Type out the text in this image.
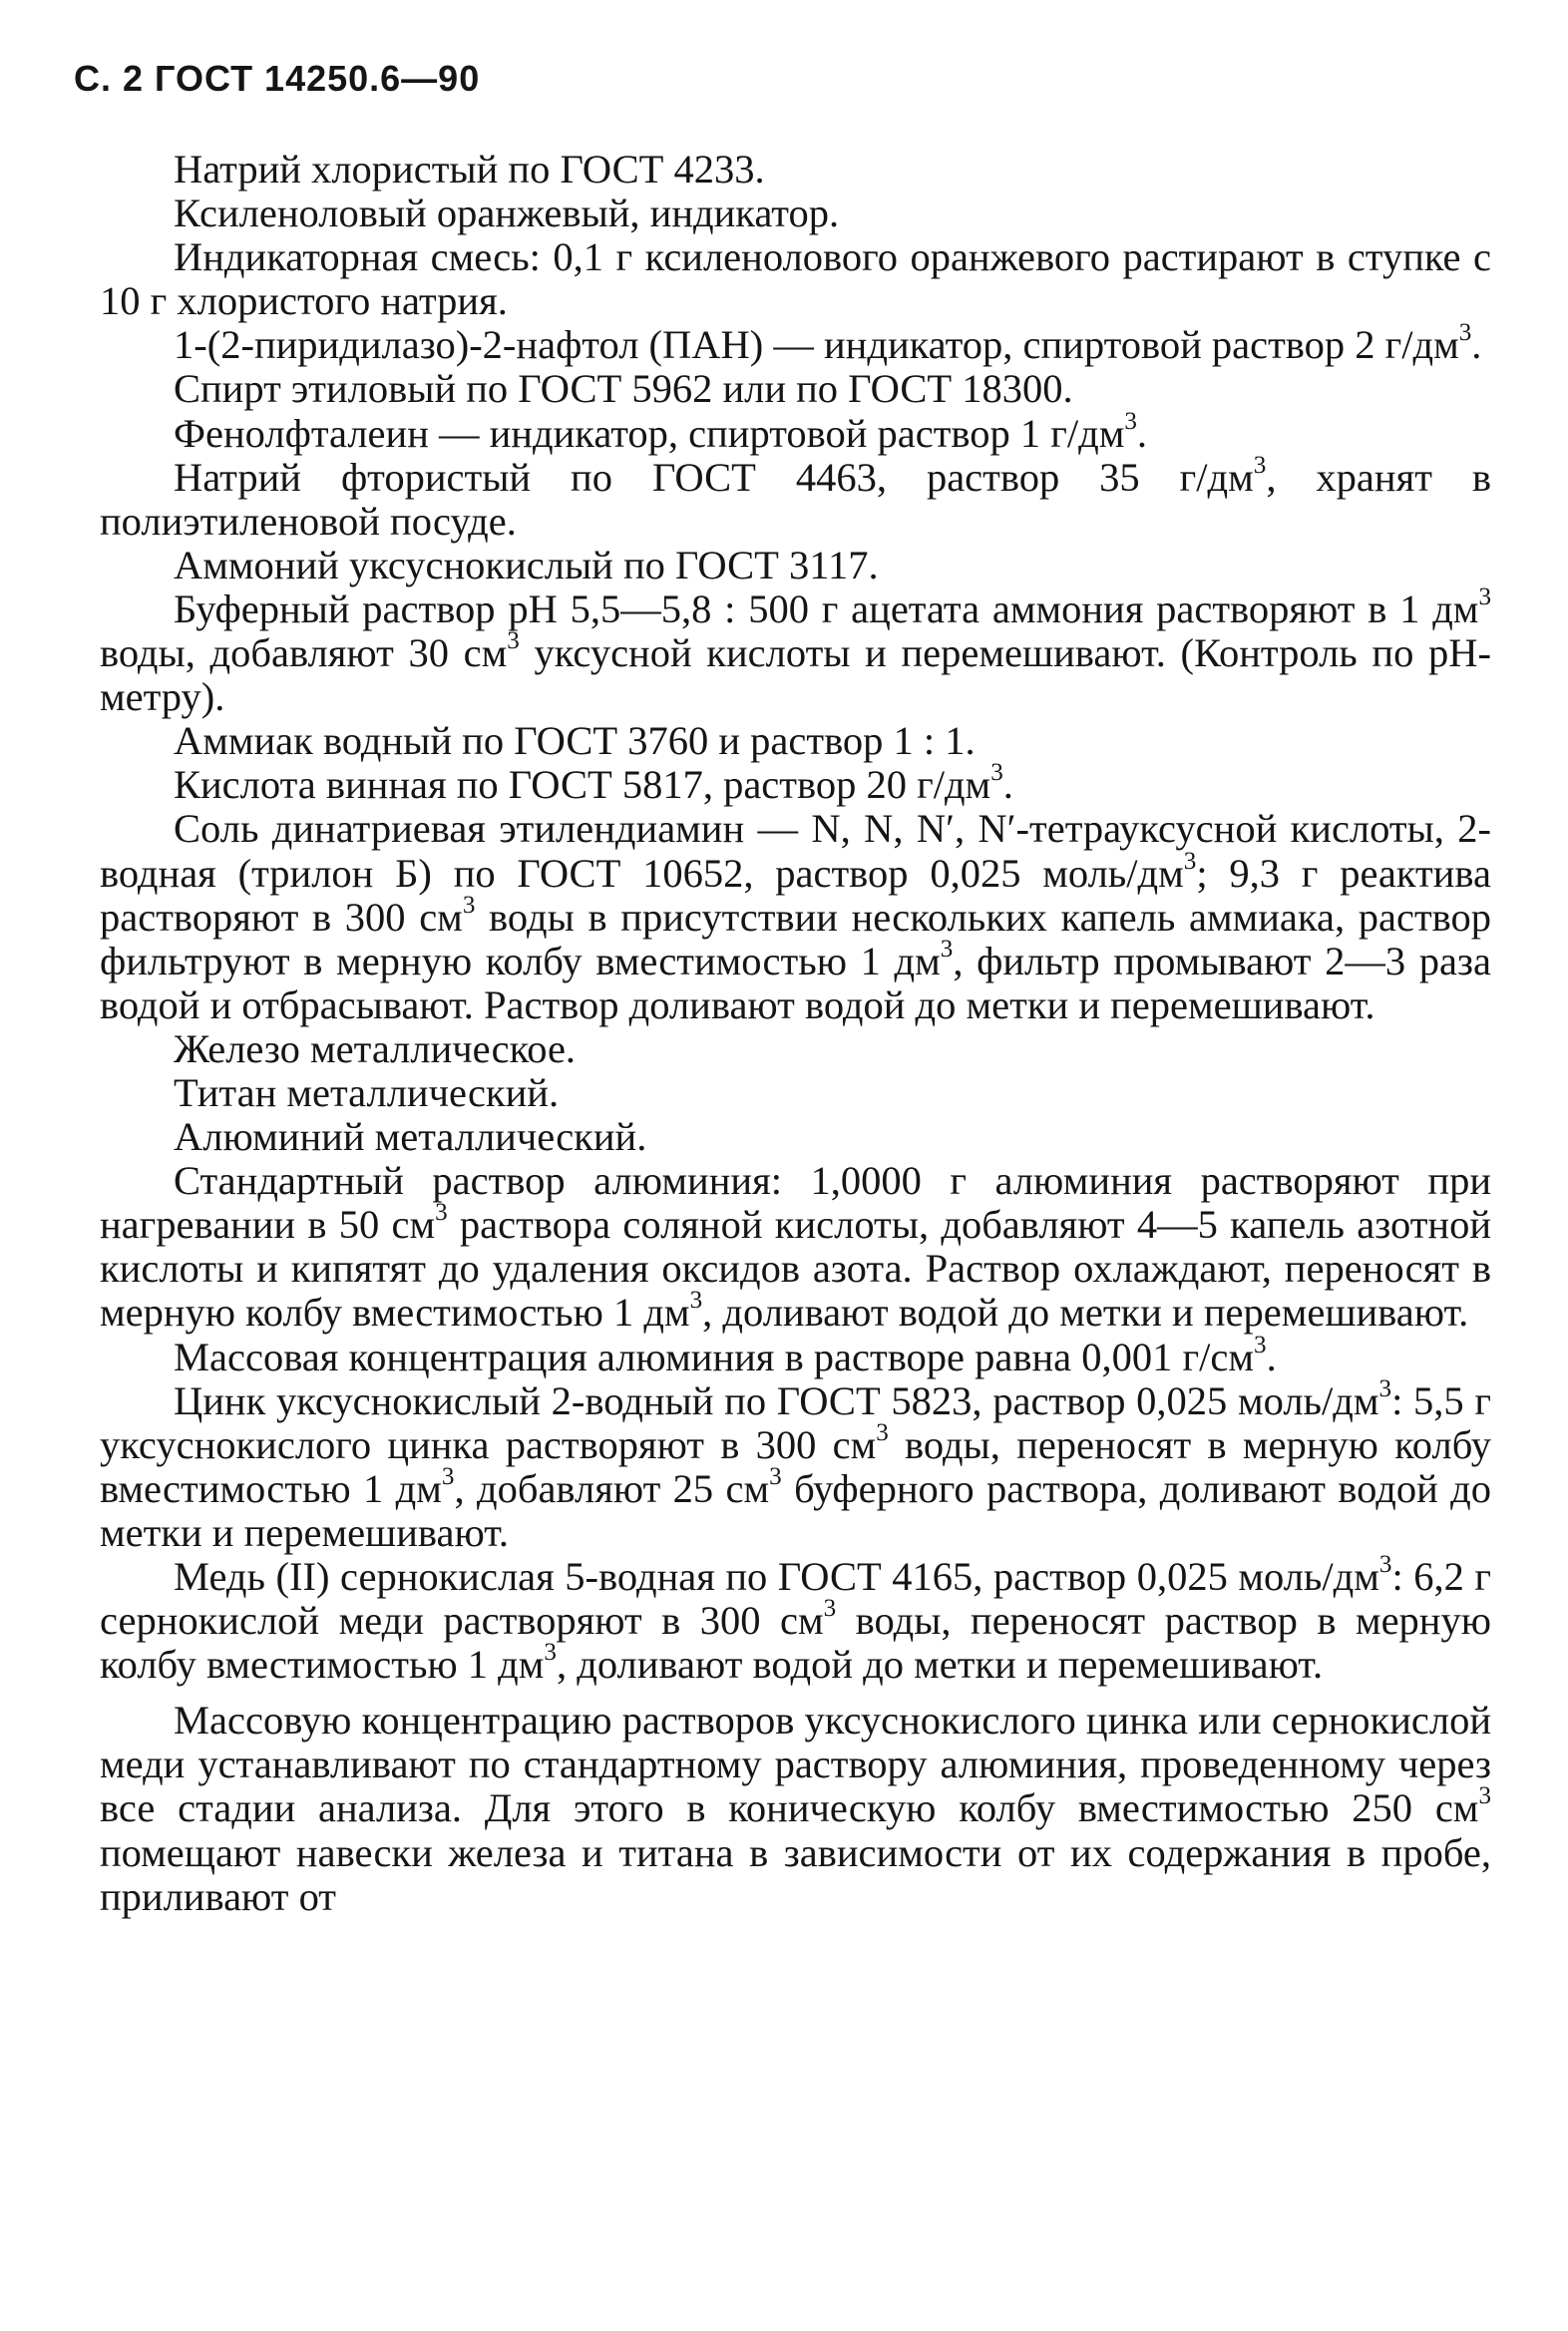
С. 2 ГОСТ 14250.6—90

Натрий хлористый по ГОСТ 4233.

Ксиленоловый оранжевый, индикатор.

Индикаторная смесь: 0,1 г ксиленолового оранжевого растирают в ступке с 10 г хлористого натрия.

1-(2-пиридилазо)-2-нафтол (ПАН) — индикатор, спиртовой раствор 2 $г/дм^3$.

Спирт этиловый по ГОСТ 5962 или по ГОСТ 18300.

Фенолфталеин — индикатор, спиртовой раствор 1 $г/дм^3$.

Натрий фтористый по ГОСТ 4463, раствор 35 $г/дм^3$, хранят в полиэтиленовой посуде.

Аммоний уксуснокислый по ГОСТ 3117.

Буферный раствор pH 5,5—5,8 : 500 г ацетата аммония растворяют в 1 $дм^3$ воды, добавляют 30 $см^3$ уксусной кислоты и перемешивают. (Контроль по pH-метру).

Аммиак водный по ГОСТ 3760 и раствор 1 : 1.

Кислота винная по ГОСТ 5817, раствор 20 $г/дм^3$.

Соль динатриевая этилендиамин — N, N, N′, N′-тетрауксусной кислоты, 2-водная (трилон Б) по ГОСТ 10652, раствор 0,025 моль/$дм^3$; 9,3 г реактива растворяют в 300 $см^3$ воды в присутствии нескольких капель аммиака, раствор фильтруют в мерную колбу вместимостью 1 $дм^3$, фильтр промывают 2—3 раза водой и отбрасывают. Раствор доливают водой до метки и перемешивают.

Железо металлическое.

Титан металлический.

Алюминий металлический.

Стандартный раствор алюминия: 1,0000 г алюминия растворяют при нагревании в 50 $см^3$ раствора соляной кислоты, добавляют 4—5 капель азотной кислоты и кипятят до удаления оксидов азота. Раствор охлаждают, переносят в мерную колбу вместимостью 1 $дм^3$, доливают водой до метки и перемешивают.

Массовая концентрация алюминия в растворе равна 0,001 $г/см^3$.

Цинк уксуснокислый 2-водный по ГОСТ 5823, раствор 0,025 моль/$дм^3$: 5,5 г уксуснокислого цинка растворяют в 300 $см^3$ воды, переносят в мерную колбу вместимостью 1 $дм^3$, добавляют 25 $см^3$ буферного раствора, доливают водой до метки и перемешивают.

Медь (II) сернокислая 5-водная по ГОСТ 4165, раствор 0,025 моль/$дм^3$: 6,2 г сернокислой меди растворяют в 300 $см^3$ воды, переносят раствор в мерную колбу вместимостью 1 $дм^3$, доливают водой до метки и перемешивают.

Массовую концентрацию растворов уксуснокислого цинка или сернокислой меди устанавливают по стандартному раствору алюминия, проведенному через все стадии анализа. Для этого в коническую колбу вместимостью 250 $см^3$ помещают навески железа и титана в зависимости от их содержания в пробе, приливают от
